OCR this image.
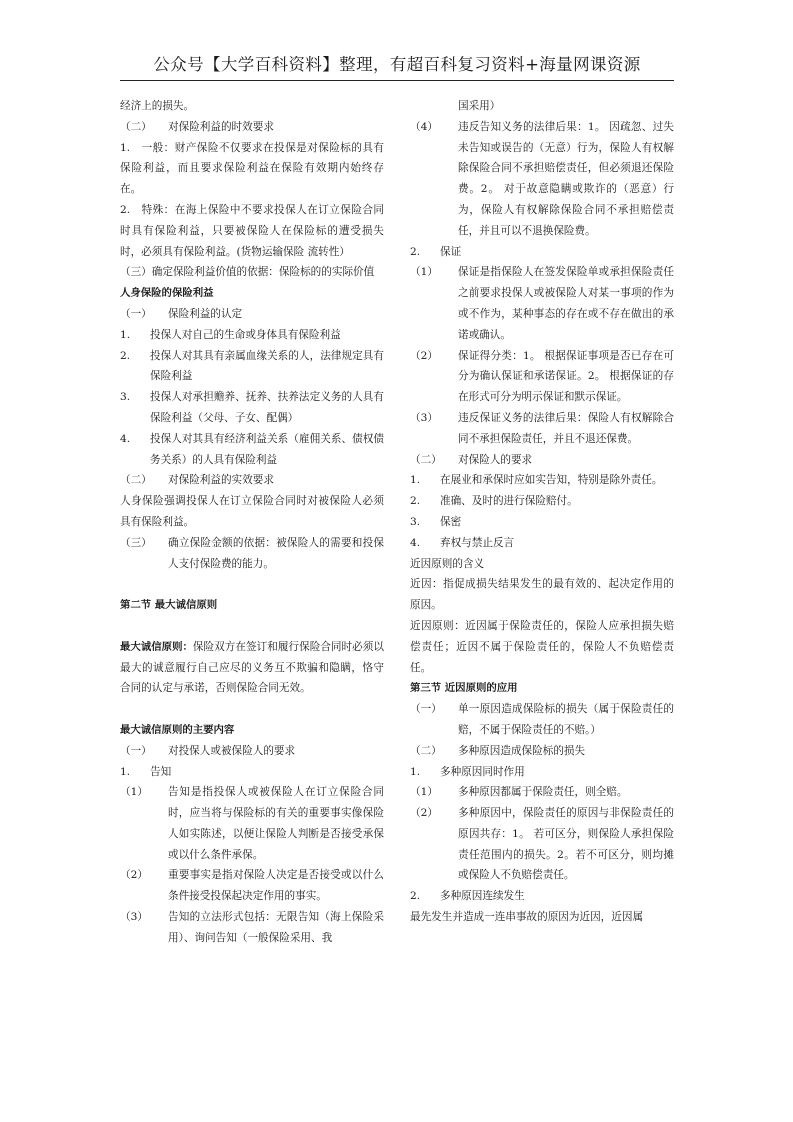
公众号【大学百科资料】整理，有超百科复习资料+海量网课资源

经济上的损失。

（二）	对保险利益的时效要求

1.　一般：财产保险不仅要求在投保是对保险标的具有保险利益，而且要求保险利益在保险有效期内始终存在。

2.　特殊：在海上保险中不要求投保人在订立保险合同时具有保险利益，只要被保险人在保险标的遭受损失时，必须具有保险利益。(货物运输保险 流转性）

（三）确定保险利益价值的依据：保险标的的实际价值

人身保险的保险利益

（一）	保险利益的认定
1.	投保人对自己的生命或身体具有保险利益
2.	投保人对其具有亲属血缘关系的人，法律规定具有保险利益
3.	投保人对承担赡养、抚养、扶养法定义务的人具有保险利益（父母、子女、配偶）
4.	投保人对其具有经济利益关系（雇佣关系、债权债务关系）的人具有保险利益
（二）	对保险利益的实效要求

人身保险强调投保人在订立保险合同时对被保险人必须具有保险利益。

（三）	确立保险金额的依据：被保险人的需要和投保人支付保险费的能力。

第二节 最大诚信原则

最大诚信原则：保险双方在签订和履行保险合同时必须以最大的诚意履行自己应尽的义务互不欺骗和隐瞒，恪守合同的认定与承诺，否则保险合同无效。

最大诚信原则的主要内容

（一）	对投保人或被保险人的要求
1.	告知
（1）	告知是指投保人或被保险人在订立保险合同时，应当将与保险标的有关的重要事实像保险人如实陈述，以便让保险人判断是否接受承保或以什么条件承保。
（2）	重要事实是指对保险人决定是否接受或以什么条件接受投保起决定作用的事实。
（3）	告知的立法形式包括：无限告知（海上保险采用）、询问告知（一般保险采用、我

国采用）

（4）	违反告知义务的法律后果：1。 因疏忽、过失未告知或误告的（无意）行为，保险人有权解除保险合同不承担赔偿责任，但必须退还保险费。2。 对于故意隐瞒或欺诈的（恶意）行为，保险人有权解除保险合同不承担赔偿责任，并且可以不退换保险费。
2.	保证
（1）	保证是指保险人在签发保险单或承担保险责任之前要求投保人或被保险人对某一事项的作为或不作为，某种事态的存在或不存在做出的承诺或确认。
（2）	保证得分类：1。 根据保证事项是否已存在可分为确认保证和承诺保证。2。 根据保证的存在形式可分为明示保证和默示保证。
（3）	违反保证义务的法律后果：保险人有权解除合同不承担保险责任，并且不退还保费。
（二）	对保险人的要求
1.	在展业和承保时应如实告知，特别是除外责任。
2.	准确、及时的进行保险赔付。
3.	保密
4.	弃权与禁止反言

近因原则的含义

近因：指促成损失结果发生的最有效的、起决定作用的原因。

近因原则：近因属于保险责任的，保险人应承担损失赔偿责任；近因不属于保险责任的，保险人不负赔偿责任。

第三节 近因原则的应用

（一）	单一原因造成保险标的损失（属于保险责任的赔，不属于保险责任的不赔。）
（二）	多种原因造成保险标的损失
1.	多种原因同时作用
（1）	多种原因都属于保险责任，则全赔。
（2）	多种原因中，保险责任的原因与非保险责任的原因共存：1。 若可区分，则保险人承担保险责任范围内的损失。2。若不可区分，则均摊或保险人不负赔偿责任。
2.	多种原因连续发生

最先发生并造成一连串事故的原因为近因，近因属
